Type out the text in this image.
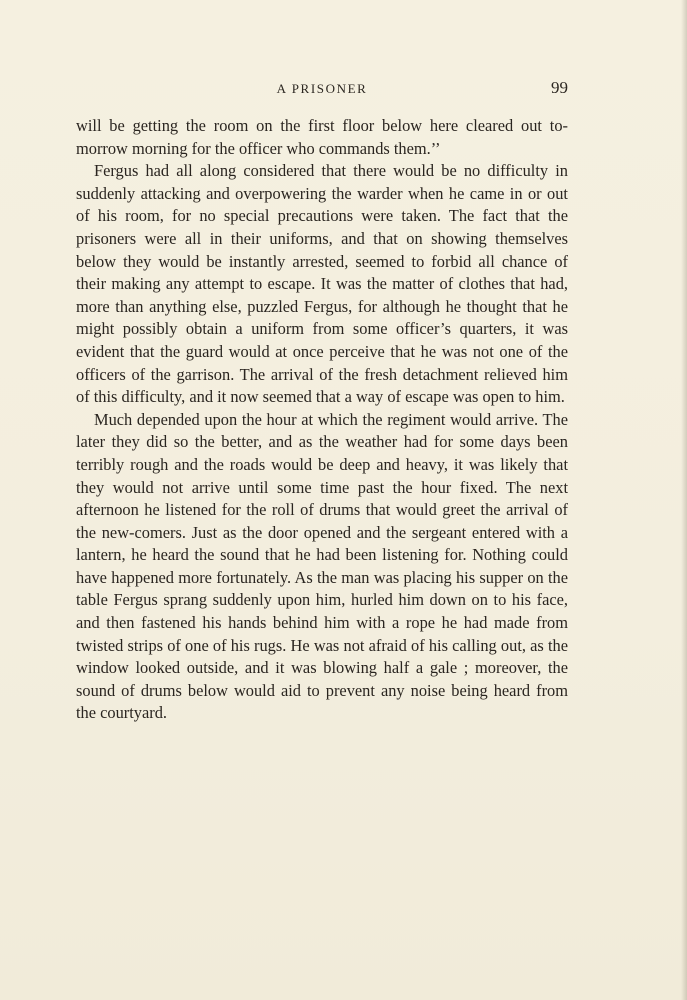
A PRISONER	99

will be getting the room on the first floor below here cleared out to-morrow morning for the officer who commands them.’’

Fergus had all along considered that there would be no difficulty in suddenly attacking and overpowering the warder when he came in or out of his room, for no special precautions were taken. The fact that the prisoners were all in their uniforms, and that on showing themselves below they would be instantly arrested, seemed to forbid all chance of their making any attempt to escape. It was the matter of clothes that had, more than anything else, puzzled Fergus, for although he thought that he might possibly obtain a uniform from some officer’s quarters, it was evident that the guard would at once perceive that he was not one of the officers of the garrison. The arrival of the fresh detachment relieved him of this difficulty, and it now seemed that a way of escape was open to him.

Much depended upon the hour at which the regiment would arrive. The later they did so the better, and as the weather had for some days been terribly rough and the roads would be deep and heavy, it was likely that they would not arrive until some time past the hour fixed. The next afternoon he listened for the roll of drums that would greet the arrival of the new-comers. Just as the door opened and the sergeant entered with a lantern, he heard the sound that he had been listening for. Nothing could have happened more fortunately. As the man was placing his supper on the table Fergus sprang suddenly upon him, hurled him down on to his face, and then fastened his hands behind him with a rope he had made from twisted strips of one of his rugs. He was not afraid of his calling out, as the window looked outside, and it was blowing half a gale ; moreover, the sound of drums below would aid to prevent any noise being heard from the courtyard.
